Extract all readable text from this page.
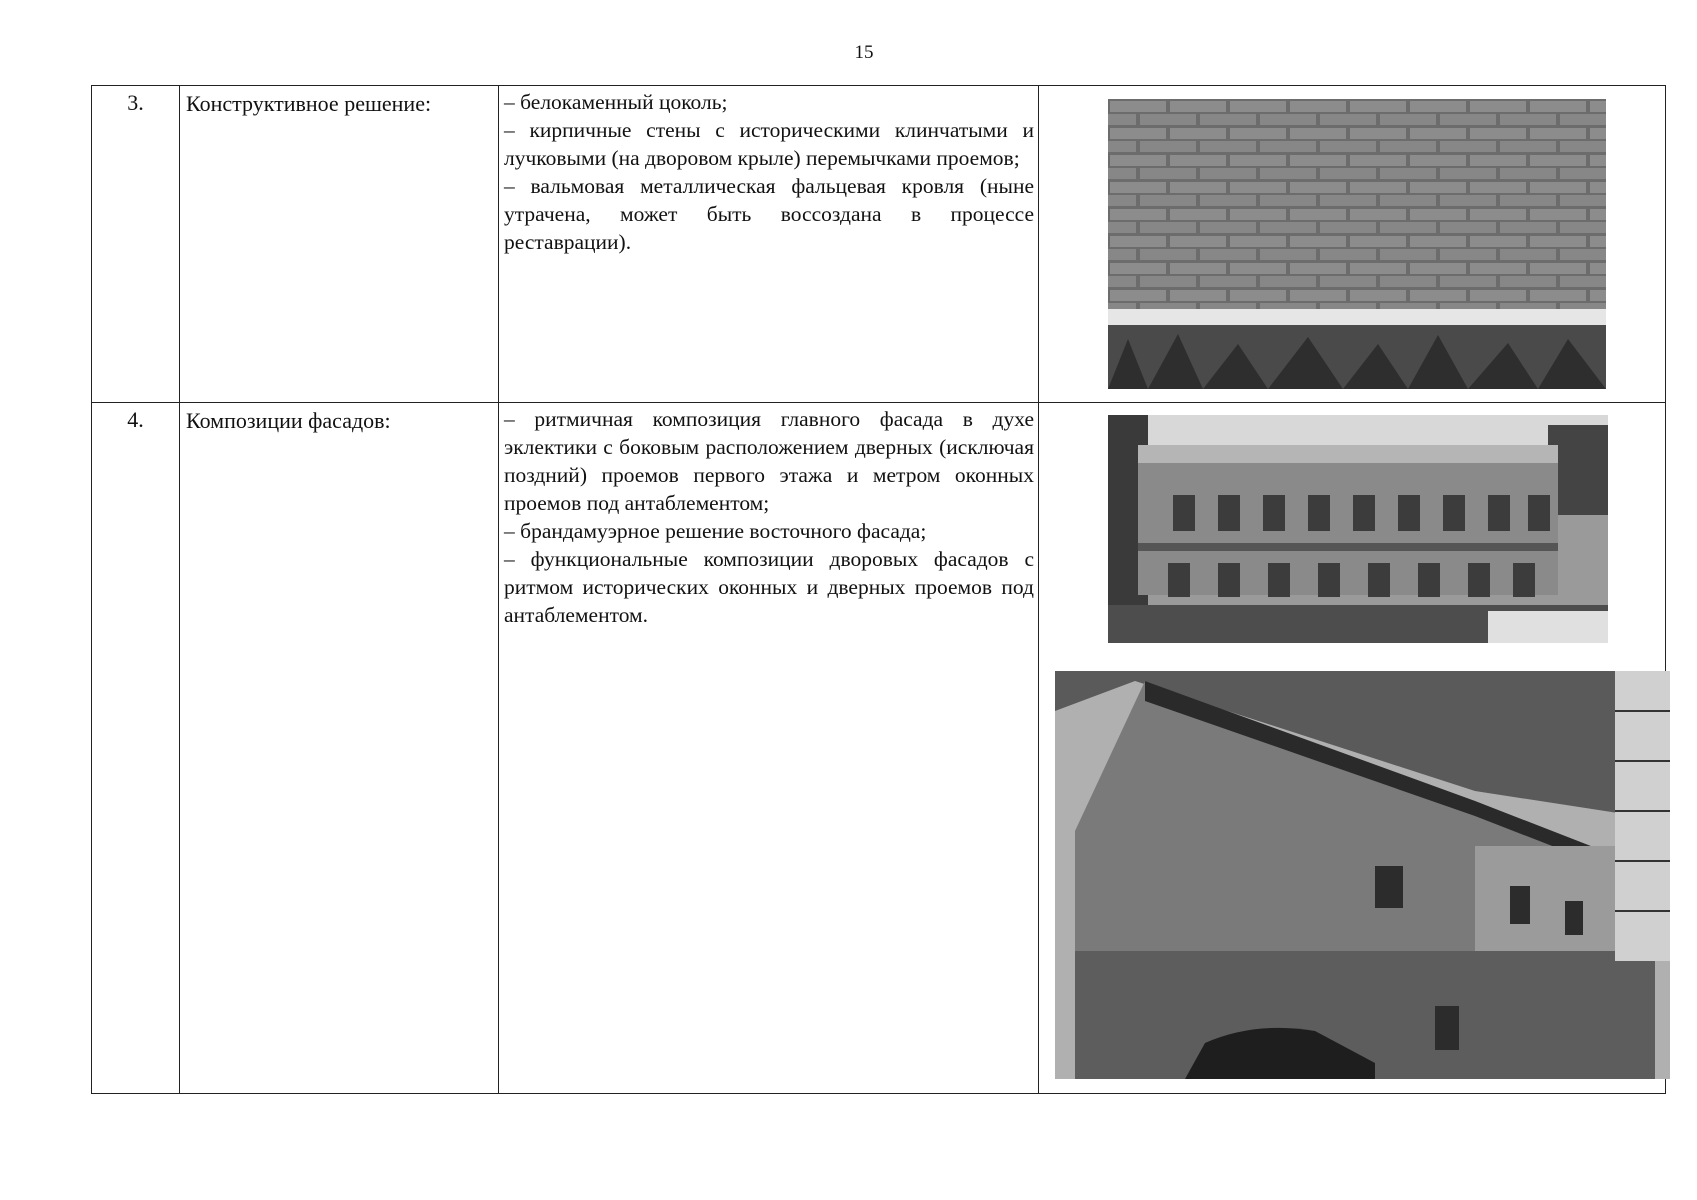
15
3.	Конструктивное решение:	– белокаменный цоколь;
– кирпичные стены с историческими клинчатыми и лучковыми (на дворовом крыле) перемычками проемов;
– вальмовая металлическая фальцевая кровля (ныне утрачена, может быть воссоздана в процессе реставрации).

4.	Композиции фасадов:	– ритмичная композиция главного фасада в духе эклектики с боковым расположением дверных (исключая поздний) проемов первого этажа и метром оконных проемов под антаблементом;
– брандамуэрное решение восточного фасада;
– функциональные композиции дворовых фасадов с ритмом исторических оконных и дверных проемов под антаблементом.
